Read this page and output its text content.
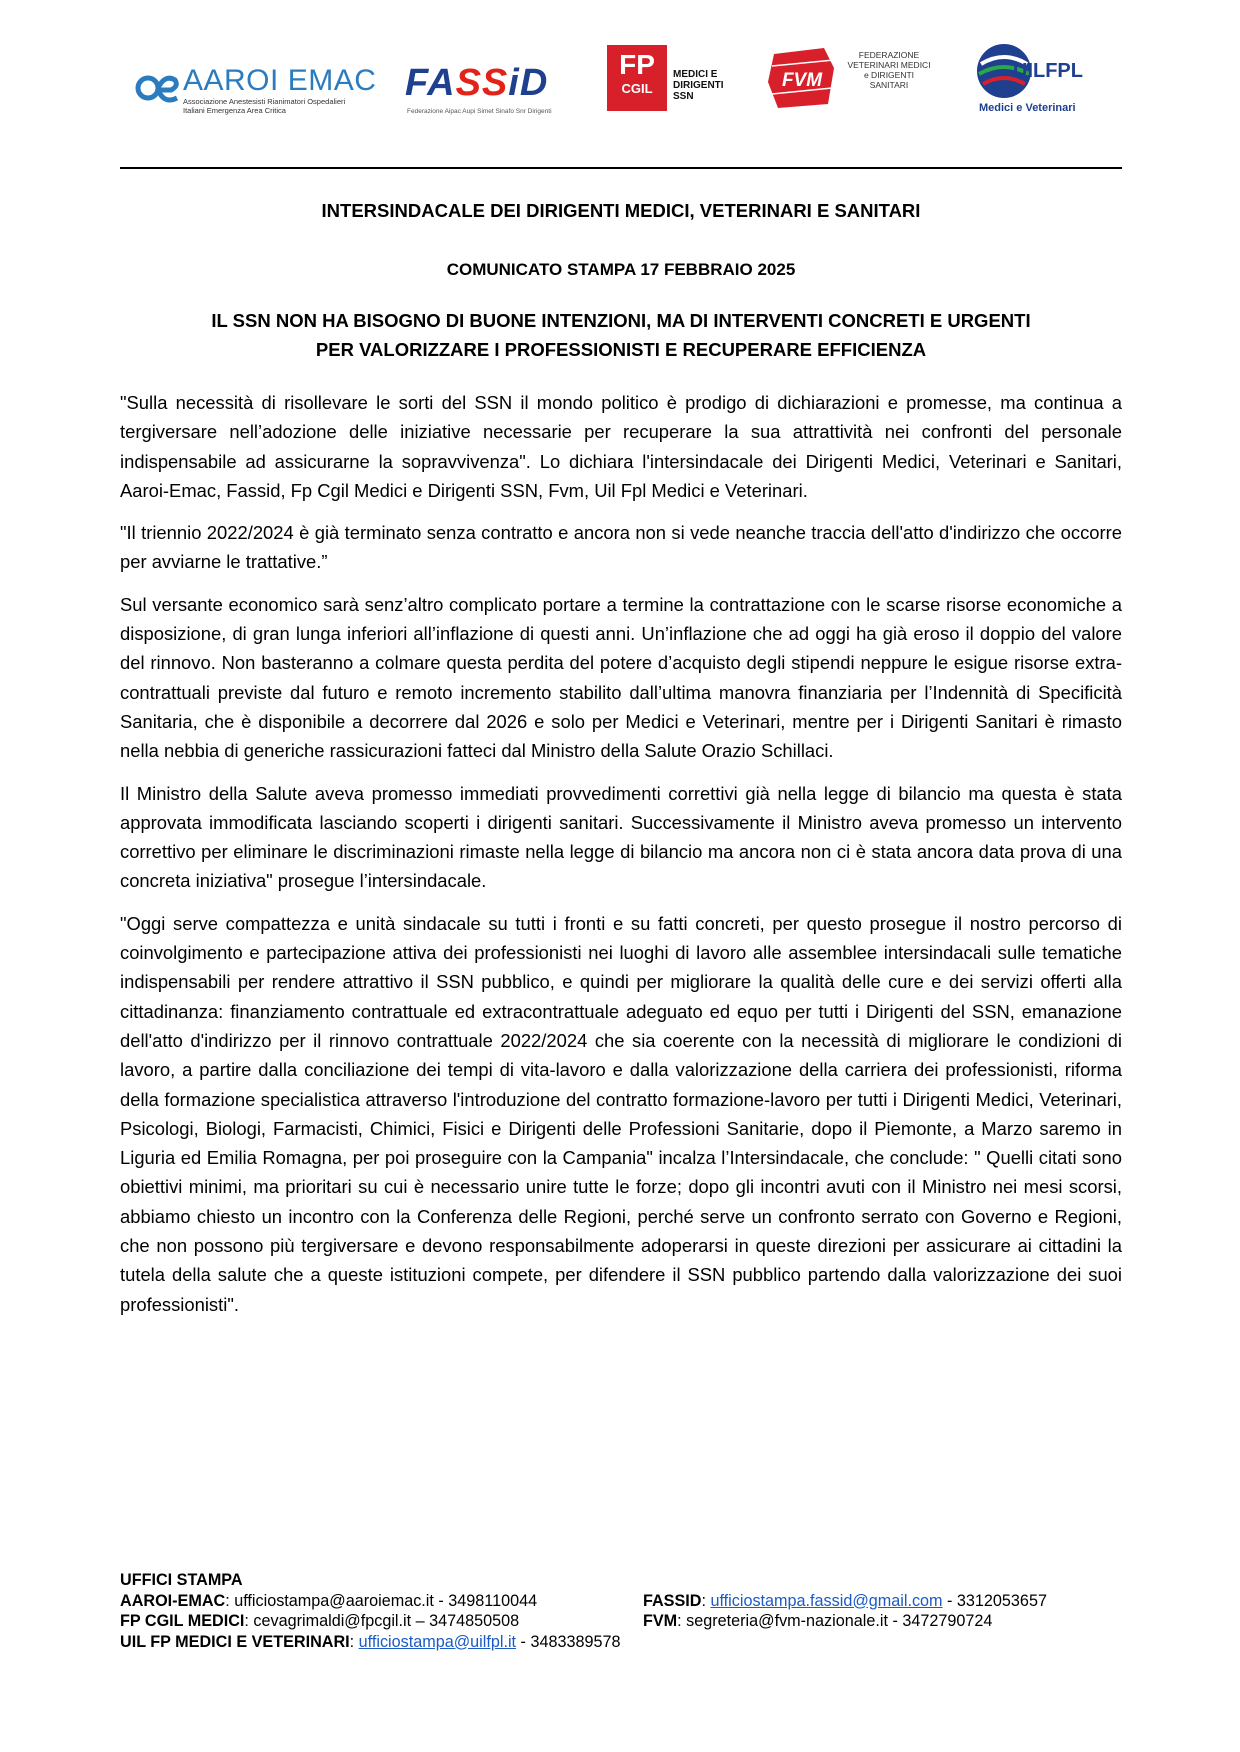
AAROI EMAC
Associazione Anestesisti Rianimatori Ospedalieri Italiani Emergenza Area Critica
FASSiD
Federazione Aipac Aupi Simet Sinafo Snr Dirigenti
FP
CGIL
MEDICI E DIRIGENTI SSN
FVM
FEDERAZIONE VETERINARI MEDICI e DIRIGENTI SANITARI
UILFPL
Medici e Veterinari
INTERSINDACALE DEI DIRIGENTI MEDICI, VETERINARI E SANITARI
COMUNICATO STAMPA 17 FEBBRAIO 2025
IL SSN NON HA BISOGNO DI BUONE INTENZIONI, MA DI INTERVENTI CONCRETI E URGENTI
PER VALORIZZARE I PROFESSIONISTI E RECUPERARE EFFICIENZA

"Sulla necessità di risollevare le sorti del SSN il mondo politico è prodigo di dichiarazioni e promesse, ma continua a tergiversare nell’adozione delle iniziative necessarie per recuperare la sua attrattività nei confronti del personale indispensabile ad assicurarne la sopravvivenza". Lo dichiara l'intersindacale dei Dirigenti Medici, Veterinari e Sanitari, Aaroi-Emac, Fassid, Fp Cgil Medici e Dirigenti SSN, Fvm, Uil Fpl Medici e Veterinari.

"Il triennio 2022/2024 è già terminato senza contratto e ancora non si vede neanche traccia dell'atto d'indirizzo che occorre per avviarne le trattative.”

Sul versante economico sarà senz’altro complicato portare a termine la contrattazione con le scarse risorse economiche a disposizione, di gran lunga inferiori all’inflazione di questi anni. Un’inflazione che ad oggi ha già eroso il doppio del valore del rinnovo. Non basteranno a colmare questa perdita del potere d’acquisto degli stipendi neppure le esigue risorse extra-contrattuali previste dal futuro e remoto incremento stabilito dall’ultima manovra finanziaria per l’Indennità di Specificità Sanitaria, che è disponibile a decorrere dal 2026 e solo per Medici e Veterinari, mentre per i Dirigenti Sanitari è rimasto nella nebbia di generiche rassicurazioni fatteci dal Ministro della Salute Orazio Schillaci.

Il Ministro della Salute aveva promesso immediati provvedimenti correttivi già nella legge di bilancio ma questa è stata approvata immodificata lasciando scoperti i dirigenti sanitari. Successivamente il Ministro aveva promesso un intervento correttivo per eliminare le discriminazioni rimaste nella legge di bilancio ma ancora non ci è stata ancora data prova di una concreta iniziativa" prosegue l’intersindacale.

"Oggi serve compattezza e unità sindacale su tutti i fronti e su fatti concreti, per questo prosegue il nostro percorso di coinvolgimento e partecipazione attiva dei professionisti nei luoghi di lavoro alle assemblee intersindacali sulle tematiche indispensabili per rendere attrattivo il SSN pubblico, e quindi per migliorare la qualità delle cure e dei servizi offerti alla cittadinanza: finanziamento contrattuale ed extracontrattuale adeguato ed equo per tutti i Dirigenti del SSN, emanazione dell'atto d'indirizzo per il rinnovo contrattuale 2022/2024 che sia coerente con la necessità di migliorare le condizioni di lavoro, a partire dalla conciliazione dei tempi di vita-lavoro e dalla valorizzazione della carriera dei professionisti, riforma della formazione specialistica attraverso l'introduzione del contratto formazione-lavoro per tutti i Dirigenti Medici, Veterinari, Psicologi, Biologi, Farmacisti, Chimici, Fisici e Dirigenti delle Professioni Sanitarie, dopo il Piemonte, a Marzo saremo in Liguria ed Emilia Romagna, per poi proseguire con la Campania" incalza l’Intersindacale, che conclude: " Quelli citati sono obiettivi minimi, ma prioritari su cui è necessario unire tutte le forze; dopo gli incontri avuti con il Ministro nei mesi scorsi, abbiamo chiesto un incontro con la Conferenza delle Regioni, perché serve un confronto serrato con Governo e Regioni, che non possono più tergiversare e devono responsabilmente adoperarsi in queste direzioni per assicurare ai cittadini la tutela della salute che a queste istituzioni compete, per difendere il SSN pubblico partendo dalla valorizzazione dei suoi professionisti".

UFFICI STAMPA
AAROI-EMAC: ufficiostampa@aaroiemac.it - 3498110044	FASSID: ufficiostampa.fassid@gmail.com - 3312053657
FP CGIL MEDICI: cevagrimaldi@fpcgil.it – 3474850508	FVM: segreteria@fvm-nazionale.it - 3472790724
UIL FP MEDICI E VETERINARI: ufficiostampa@uilfpl.it - 3483389578
